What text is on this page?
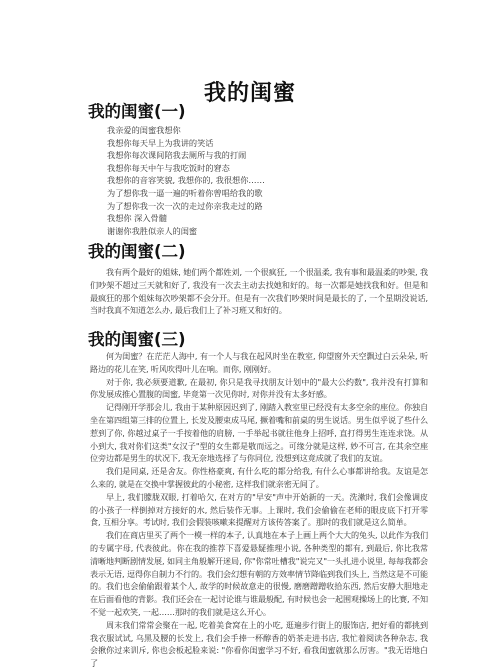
我的闺蜜
我的闺蜜(一)
我亲爱的闺蜜我想你
我想你每天早上为我讲的笑话
我想你每次课间陪我去厕所与我的打闹
我想你每天中午与我吃饭时的窘态
我想你的音容笑貌, 我想你的, 我很想你……
为了想你我一逼一遍的听着你曾唱给我的歌
为了想你我一次一次的走过你亲我走过的路
我想你 深入骨髓
谢谢你我胜似亲人的闺蜜
我的闺蜜(二)

我有两个最好的姐妹, 她们两个都姓刘, 一个很疯狂, 一个很温柔, 我有事和最温柔的吵架, 我们吵架不超过三天就和好了, 我没有一次去主动去找她和好的。每一次都是她找我和好。但是和最疯狂的那个姐妹每次吵架都不会分开。但是有一次我们吵架时间是最长的了, 一个星期没说话, 当时我真不知道怎么办, 最后我们上了补习班又和好的。

我的闺蜜(三)

何为闺蜜？在茫茫人海中, 有一个人与我在起风时坐在教室, 仰望窗外天空飘过白云朵朵, 听路边的花儿在笑, 听风吹得叶儿在响。而你, 刚刚好。

对于你, 我必须要道歉, 在最初, 你只是我寻找朋友计划中的"最大公约数", 我并没有打算和你发展成推心置腹的闺蜜, 毕竟第一次见你时, 对你并没有太多好感。

记得刚开学那会儿, 我由于某种原因迟到了, 刚踏入教室里已经没有太多空余的座位。你独自坐在第四组第三排的位置上, 长发及腰束成马尾, 撅着嘴和前桌的男生说话。男生似乎说了些什么惹到了你, 你越过桌子一手按着他的肩膀, 一手举起书就往他身上招呼, 直打得男生连连求饶。从小到大, 我对你们这类"女汉子"型的女生都是敬而远之。可缘分就是这样, 妙不可言, 在其余空座位旁边都是男生的状况下, 我无奈地选择了与你同位, 没想到这竟成就了我们的友谊。

我们是同桌, 还是舍友。你性格豪爽, 有什么吃的都分给我, 有什么心事都讲给我。友谊是怎么来的, 就是在交换中掌握彼此的小秘密, 这样我们就亲密无间了。

早上, 我们朦胧双眼, 打着哈欠, 在对方的"早安"声中开始新的一天。洗漱时, 我们会像调皮的小孩子一样倒掉对方接好的水, 然后装作无事。上课时, 我们会偷偷在老师的眼皮底下打开零食, 互相分享。考试时, 我们会假装咳嗽来提醒对方该传答案了。那时的我们就是这么简单。

我们在商店里买了两个一模一样的本子, 认真地在本子上画上两个大大的兔头, 以此作为我们的专属字母, 代表彼此。你在我的推荐下喜爱悬疑推理小说, 各种类型的都有, 到最后, 你比我常清晰地判断剧情发展, 如同主角般解开迷局, 你"你常吐槽我"说完又"一头扎进小说里, 每每我都会表示无语, 逗得你自制力不行的。我们会幻想有朝的方效率情节降临到我们头上, 当然这是不可能的。我们也会偷偷跟着某个人, 故学的时候故意走的很慢, 磨磨蹭蹭收拾东西, 然后安静大胆地走在后面看他的背影。我们还会在一起讨论谁与谁最般配, 有时候也会一起围观操场上的比赛, 不知不觉一起欢笑, 一起……那时的我们就是这么开心。

周末我们常常会聚在一起, 吃着美食窝在上的小吃, 逛遍步行街上的服饰店, 把好看的都挑到我衣服试试, 乌黑及腰的长发上, 我们会手捧一杯醇香的奶茶走进书店, 我忙着阅读各种杂志, 我会揪你过来训斥, 你也会板起脸来说: "你看你闺蜜学习不好, 看我闺蜜就那么厉害。"我无语地白了
